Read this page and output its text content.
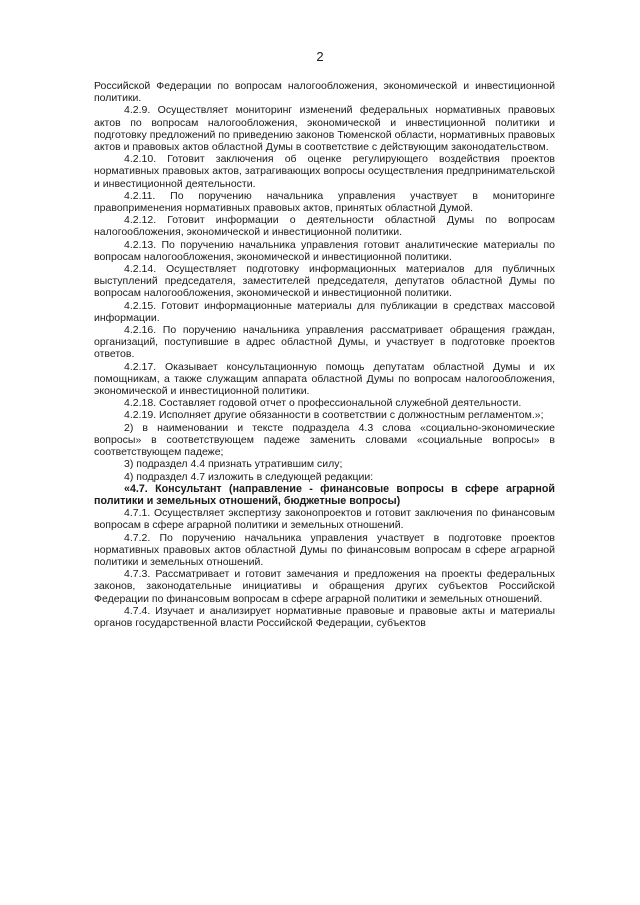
2

Российской Федерации по вопросам налогообложения, экономической и инвестиционной политики.

4.2.9. Осуществляет мониторинг изменений федеральных нормативных правовых актов по вопросам налогообложения, экономической и инвестиционной политики и подготовку предложений по приведению законов Тюменской области, нормативных правовых актов и правовых актов областной Думы в соответствие с действующим законодательством.

4.2.10. Готовит заключения об оценке регулирующего воздействия проектов нормативных правовых актов, затрагивающих вопросы осуществления предпринимательской и инвестиционной деятельности.

4.2.11. По поручению начальника управления участвует в мониторинге правоприменения нормативных правовых актов, принятых областной Думой.

4.2.12. Готовит информации о деятельности областной Думы по вопросам налогообложения, экономической и инвестиционной политики.

4.2.13. По поручению начальника управления готовит аналитические материалы по вопросам налогообложения, экономической и инвестиционной политики.

4.2.14. Осуществляет подготовку информационных материалов для публичных выступлений председателя, заместителей председателя, депутатов областной Думы по вопросам налогообложения, экономической и инвестиционной политики.

4.2.15. Готовит информационные материалы для публикации в средствах массовой информации.

4.2.16. По поручению начальника управления рассматривает обращения граждан, организаций, поступившие в адрес областной Думы, и участвует в подготовке проектов ответов.

4.2.17. Оказывает консультационную помощь депутатам областной Думы и их помощникам, а также служащим аппарата областной Думы по вопросам налогообложения, экономической и инвестиционной политики.

4.2.18. Составляет годовой отчет о профессиональной служебной деятельности.

4.2.19. Исполняет другие обязанности в соответствии с должностным регламентом.»;

2) в наименовании и тексте подраздела 4.3 слова «социально-экономические вопросы» в соответствующем падеже заменить словами «социальные вопросы» в соответствующем падеже;

3) подраздел 4.4 признать утратившим силу;

4) подраздел 4.7 изложить в следующей редакции:

«4.7. Консультант (направление - финансовые вопросы в сфере аграрной политики и земельных отношений, бюджетные вопросы)

4.7.1. Осуществляет экспертизу законопроектов и готовит заключения по финансовым вопросам в сфере аграрной политики и земельных отношений.

4.7.2. По поручению начальника управления участвует в подготовке проектов нормативных правовых актов областной Думы по финансовым вопросам в сфере аграрной политики и земельных отношений.

4.7.3. Рассматривает и готовит замечания и предложения на проекты федеральных законов, законодательные инициативы и обращения других субъектов Российской Федерации по финансовым вопросам в сфере аграрной политики и земельных отношений.

4.7.4. Изучает и анализирует нормативные правовые и правовые акты и материалы органов государственной власти Российской Федерации, субъектов
